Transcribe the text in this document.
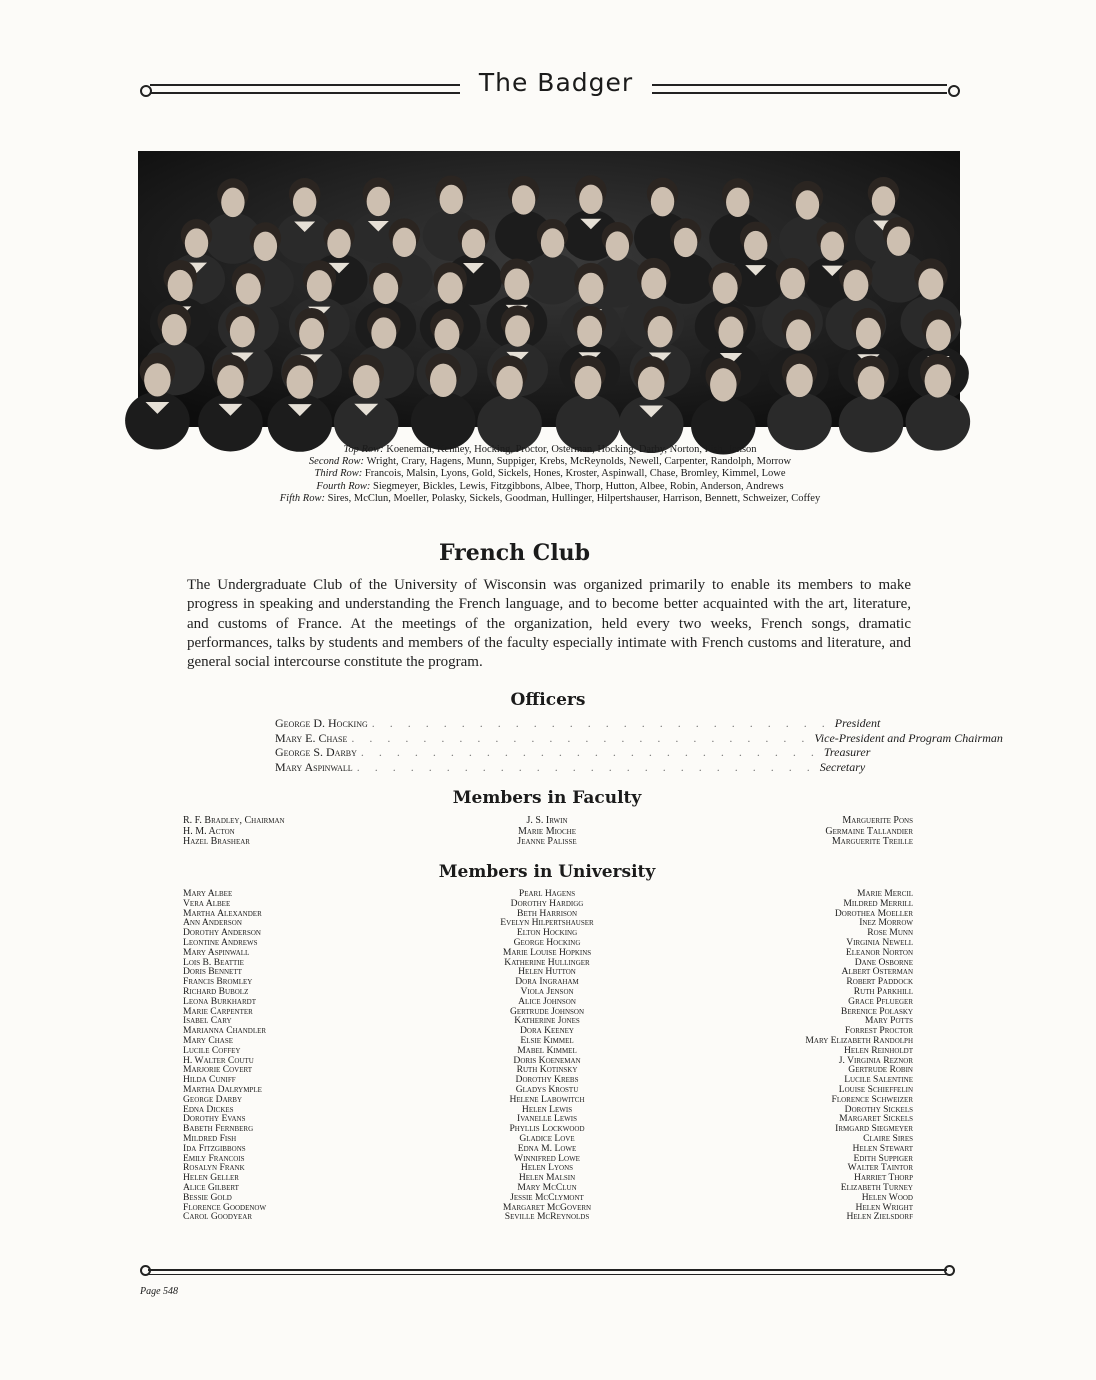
The Badger
Top Row: Koeneman, Kenney, Hocking, Proctor, Osterman, Hocking, Darby, Norton, Fish, Jenson
Second Row: Wright, Crary, Hagens, Munn, Suppiger, Krebs, McReynolds, Newell, Carpenter, Randolph, Morrow
Third Row: Francois, Malsin, Lyons, Gold, Sickels, Hones, Kroster, Aspinwall, Chase, Bromley, Kimmel, Lowe
Fourth Row: Siegmeyer, Bickles, Lewis, Fitzgibbons, Albee, Thorp, Hutton, Albee, Robin, Anderson, Andrews
Fifth Row: Sires, McClun, Moeller, Polasky, Sickels, Goodman, Hullinger, Hilpertshauser, Harrison, Bennett, Schweizer, Coffey
French Club
The Undergraduate Club of the University of Wisconsin was organized primarily to enable its members to make progress in speaking and understanding the French language, and to become better acquainted with the art, literature, and customs of France. At the meetings of the organization, held every two weeks, French songs, dramatic performances, talks by students and members of the faculty especially intimate with French customs and literature, and general social intercourse constitute the program.
Officers
George D. Hocking . . . . . . . . . . . . . . . . . . . . . . . . . . President
Mary E. Chase . . . . . . . . . . . . . . . . . . . . . . . . . . Vice-President and Program Chairman
George S. Darby . . . . . . . . . . . . . . . . . . . . . . . . . . Treasurer
Mary Aspinwall . . . . . . . . . . . . . . . . . . . . . . . . . . Secretary
Members in Faculty
R. F. Bradley, Chairman
H. M. Acton
Hazel Brashear
J. S. Irwin
Marie Mioche
Jeanne Palisse
Marguerite Pons
Germaine Tallandier
Marguerite Treille
Members in University
Mary Albee
Vera Albee
Martha Alexander
Ann Anderson
Dorothy Anderson
Leontine Andrews
Mary Aspinwall
Lois B. Beattie
Doris Bennett
Francis Bromley
Richard Bubolz
Leona Burkhardt
Marie Carpenter
Isabel Cary
Marianna Chandler
Mary Chase
Lucile Coffey
H. Walter Coutu
Marjorie Covert
Hilda Cuniff
Martha Dalrymple
George Darby
Edna Dickes
Dorothy Evans
Babeth Fernberg
Mildred Fish
Ida Fitzgibbons
Emily Francois
Rosalyn Frank
Helen Geller
Alice Gilbert
Bessie Gold
Florence Goodenow
Carol Goodyear
Pearl Hagens
Dorothy Hardigg
Beth Harrison
Evelyn Hilpertshauser
Elton Hocking
George Hocking
Marie Louise Hopkins
Katherine Hullinger
Helen Hutton
Dora Ingraham
Viola Jenson
Alice Johnson
Gertrude Johnson
Katherine Jones
Dora Keeney
Elsie Kimmel
Mabel Kimmel
Doris Koeneman
Ruth Kotinsky
Dorothy Krebs
Gladys Krostu
Helene Labowitch
Helen Lewis
Ivanelle Lewis
Phyllis Lockwood
Gladice Love
Edna M. Lowe
Winnifred Lowe
Helen Lyons
Helen Malsin
Mary McClun
Jessie McClymont
Margaret McGovern
Seville McReynolds
Marie Mercil
Mildred Merrill
Dorothea Moeller
Inez Morrow
Rose Munn
Virginia Newell
Eleanor Norton
Dane Osborne
Albert Osterman
Robert Paddock
Ruth Parkhill
Grace Pflueger
Berenice Polasky
Mary Potts
Forrest Proctor
Mary Elizabeth Randolph
Helen Reinholdt
J. Virginia Reznor
Gertrude Robin
Lucile Salentine
Louise Schieffelin
Florence Schweizer
Dorothy Sickels
Margaret Sickels
Irmgard Siegmeyer
Claire Sires
Helen Stewart
Edith Suppiger
Walter Taintor
Harriet Thorp
Elizabeth Turney
Helen Wood
Helen Wright
Helen Zielsdorf
Page 548
